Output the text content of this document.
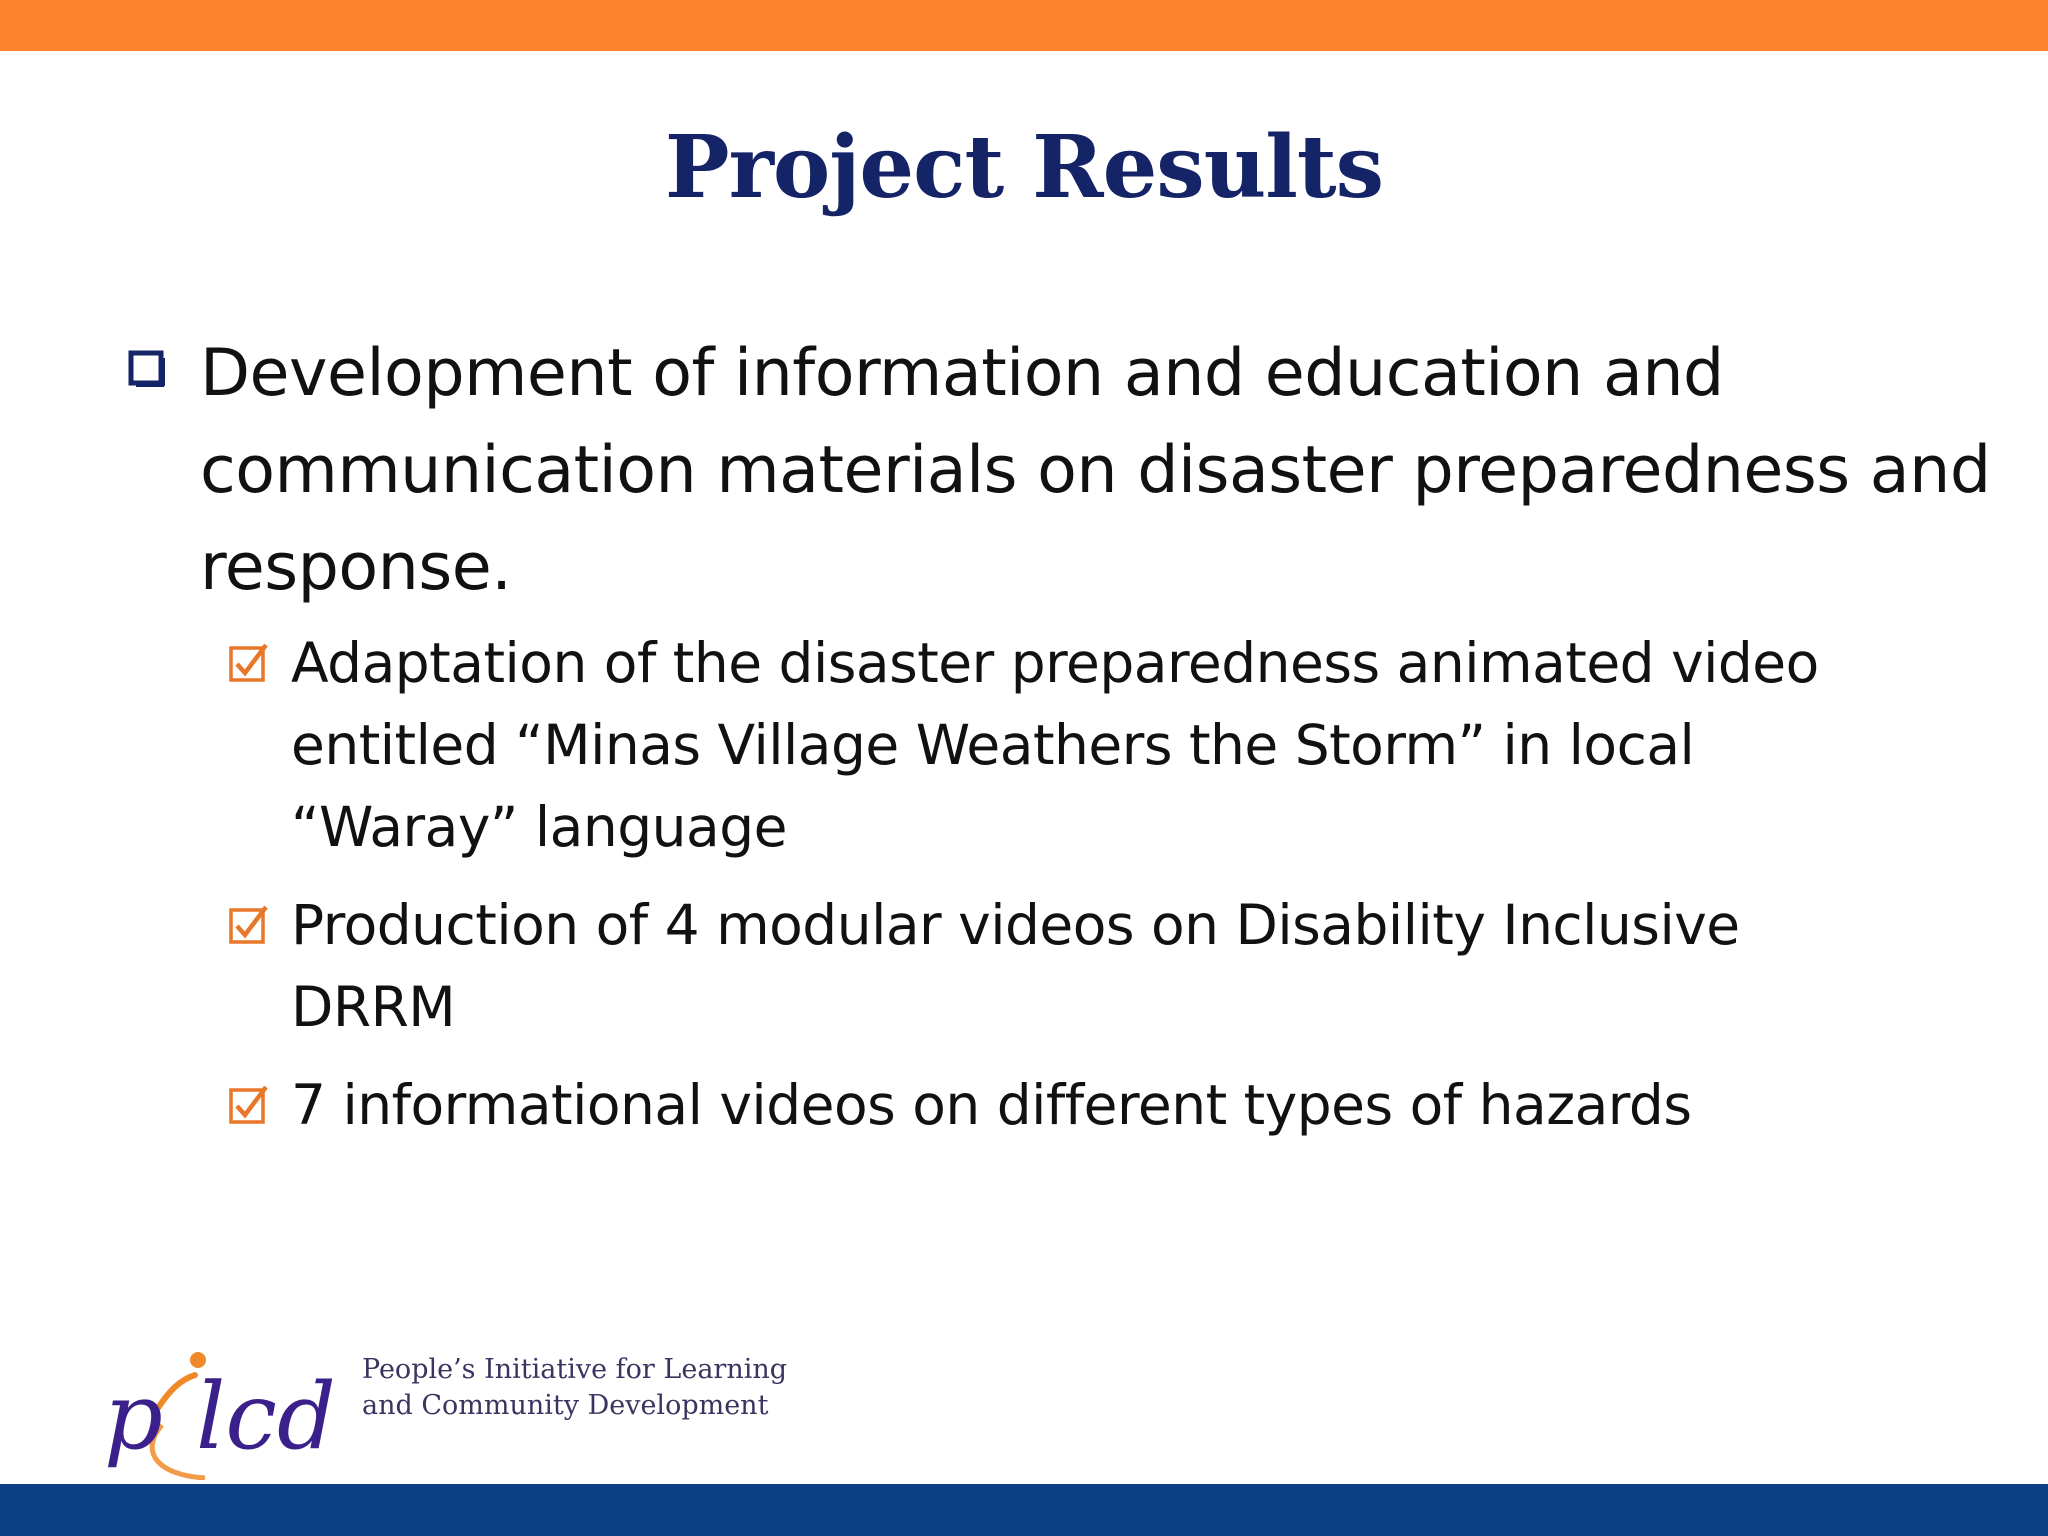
Project Results
Development of information and education and communication materials on disaster preparedness and response.
Adaptation of the disaster preparedness animated video entitled “Minas Village Weathers the Storm” in local “Waray” language
Production of 4 modular videos on Disability Inclusive DRRM
7 informational videos on different types of hazards
p lcd People’s Initiative for Learning
and Community Development
